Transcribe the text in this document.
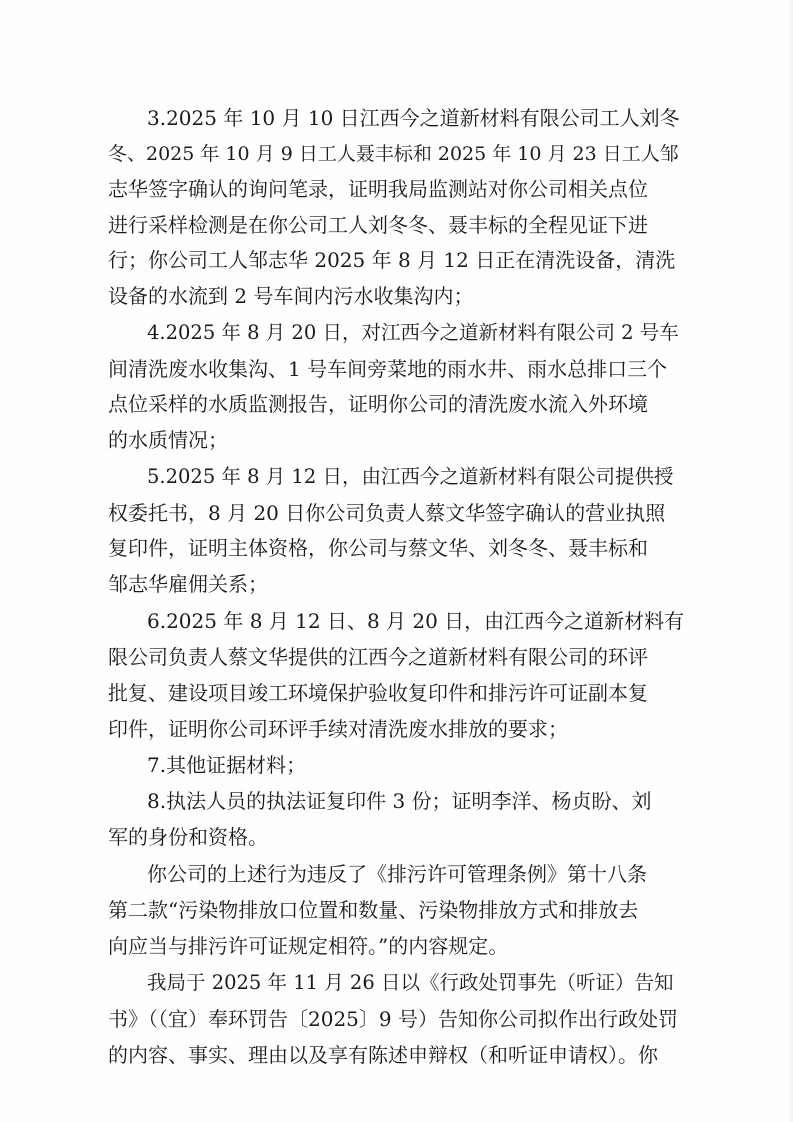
3.2025 年 10 月 10 日江西今之道新材料有限公司工人刘冬
冬、2025 年 10 月 9 日工人聂丰标和 2025 年 10 月 23 日工人邹
志华签字确认的询问笔录，证明我局监测站对你公司相关点位
进行采样检测是在你公司工人刘冬冬、聂丰标的全程见证下进
行；你公司工人邹志华 2025 年 8 月 12 日正在清洗设备，清洗
设备的水流到 2 号车间内污水收集沟内；
4.2025 年 8 月 20 日，对江西今之道新材料有限公司 2 号车
间清洗废水收集沟、1 号车间旁菜地的雨水井、雨水总排口三个
点位采样的水质监测报告，证明你公司的清洗废水流入外环境
的水质情况；
5.2025 年 8 月 12 日，由江西今之道新材料有限公司提供授
权委托书，8 月 20 日你公司负责人蔡文华签字确认的营业执照
复印件，证明主体资格，你公司与蔡文华、刘冬冬、聂丰标和
邹志华雇佣关系；
6.2025 年 8 月 12 日、8 月 20 日，由江西今之道新材料有
限公司负责人蔡文华提供的江西今之道新材料有限公司的环评
批复、建设项目竣工环境保护验收复印件和排污许可证副本复
印件，证明你公司环评手续对清洗废水排放的要求；
7.其他证据材料；
8.执法人员的执法证复印件 3 份；证明李洋、杨贞盼、刘
军的身份和资格。
你公司的上述行为违反了《排污许可管理条例》第十八条
第二款“污染物排放口位置和数量、污染物排放方式和排放去
向应当与排污许可证规定相符。”的内容规定。
我局于 2025 年 11 月 26 日以《行政处罚事先（听证）告知
书》（（宜）奉环罚告〔2025〕9 号）告知你公司拟作出行政处罚
的内容、事实、理由以及享有陈述申辩权（和听证申请权）。你
